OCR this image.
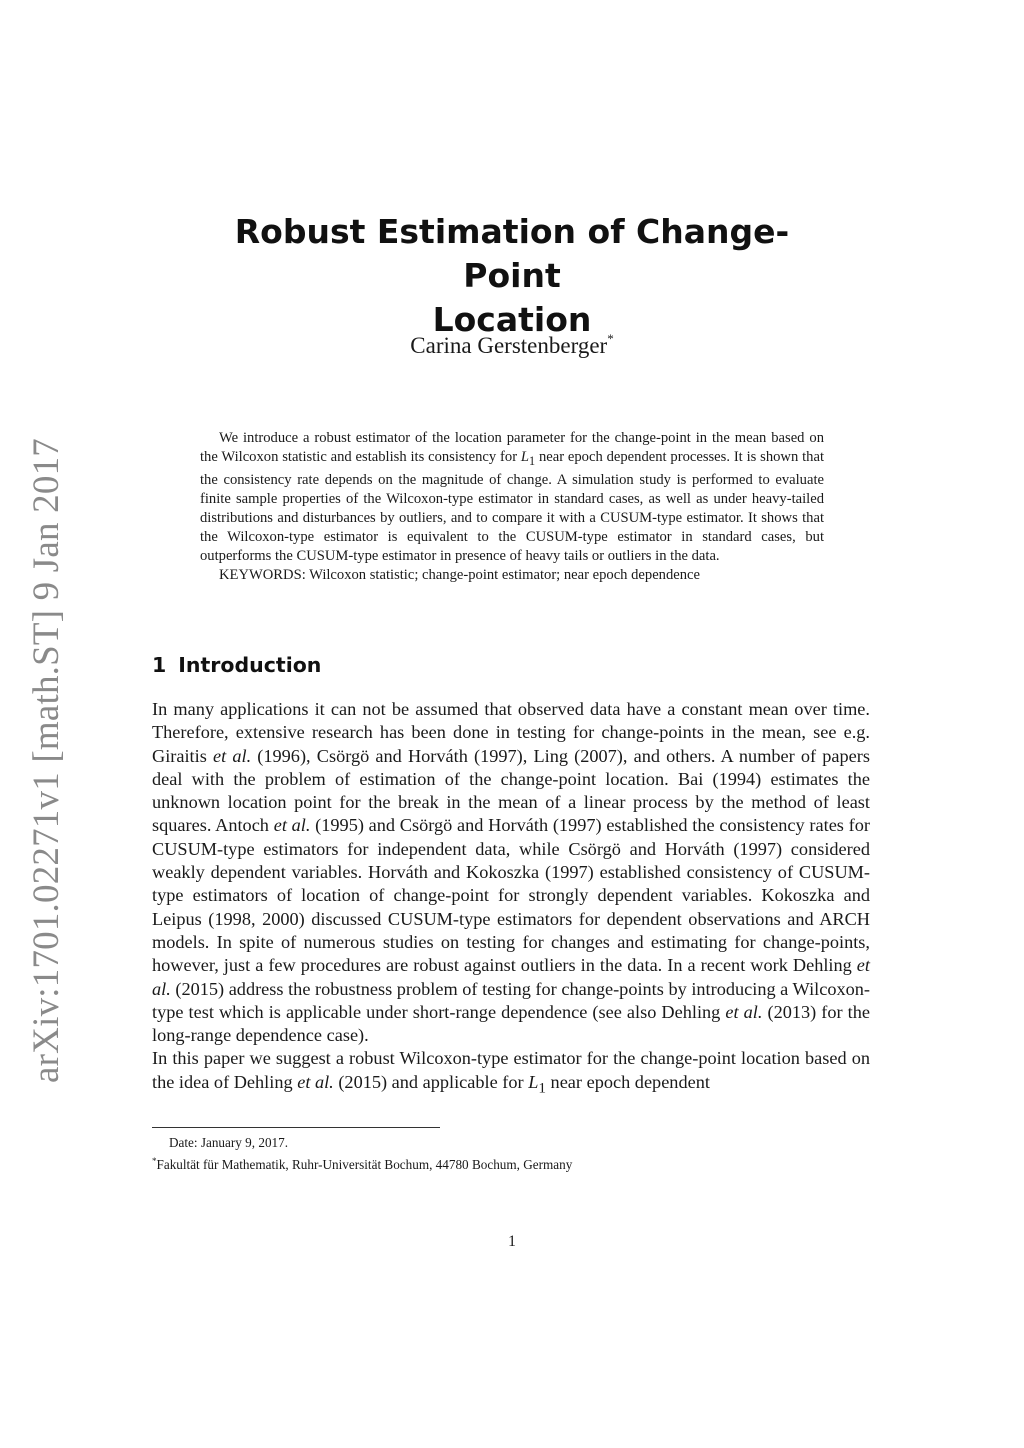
arXiv:1701.02271v1 [math.ST] 9 Jan 2017
Robust Estimation of Change-Point
Location
Carina Gerstenberger*

We introduce a robust estimator of the location parameter for the change-point in the mean based on the Wilcoxon statistic and establish its consistency for $L_1$ near epoch dependent processes. It is shown that the consistency rate depends on the magnitude of change. A simulation study is performed to evaluate finite sample properties of the Wilcoxon-type estimator in standard cases, as well as under heavy-tailed distributions and disturbances by outliers, and to compare it with a CUSUM-type estimator. It shows that the Wilcoxon-type estimator is equivalent to the CUSUM-type estimator in standard cases, but outperforms the CUSUM-type estimator in presence of heavy tails or outliers in the data.

KEYWORDS: Wilcoxon statistic; change-point estimator; near epoch dependence

1 Introduction

In many applications it can not be assumed that observed data have a constant mean over time. Therefore, extensive research has been done in testing for change-points in the mean, see e.g. Giraitis et al. (1996), Csörgö and Horváth (1997), Ling (2007), and others. A number of papers deal with the problem of estimation of the change-point location. Bai (1994) estimates the unknown location point for the break in the mean of a linear process by the method of least squares. Antoch et al. (1995) and Csörgö and Horváth (1997) established the consistency rates for CUSUM-type estimators for independent data, while Csörgö and Horváth (1997) considered weakly dependent variables. Horváth and Kokoszka (1997) established consistency of CUSUM-type estimators of location of change-point for strongly dependent variables. Kokoszka and Leipus (1998, 2000) discussed CUSUM-type estimators for dependent observations and ARCH models. In spite of numerous studies on testing for changes and estimating for change-points, however, just a few procedures are robust against outliers in the data. In a recent work Dehling et al. (2015) address the robustness problem of testing for change-points by introducing a Wilcoxon-type test which is applicable under short-range dependence (see also Dehling et al. (2013) for the long-range dependence case).

In this paper we suggest a robust Wilcoxon-type estimator for the change-point location based on the idea of Dehling et al. (2015) and applicable for $L_1$ near epoch dependent

Date: January 9, 2017.

*Fakultät für Mathematik, Ruhr-Universität Bochum, 44780 Bochum, Germany

1
